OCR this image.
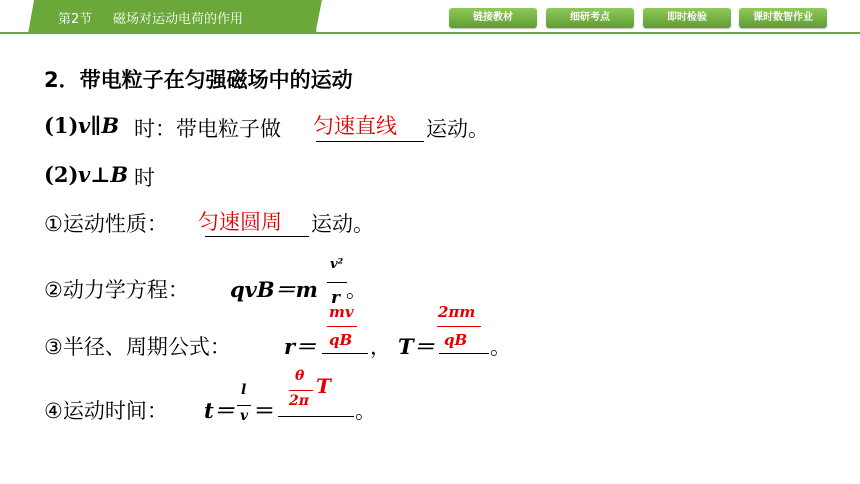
第2节 磁场对运动电荷的作用	链接教材	细研考点	即时检验	课时数智作业
2．带电粒子在匀强磁场中的运动
(1) v∥B 时：带电粒子做 匀速直线 运动。
(2) v⊥B 时
①运动性质： 匀速圆周 运动。
②动力学方程： qvB＝m
v²
r 。
③半径、周期公式：	r＝
mv
qB ， T＝
2πm
qB 。
④运动时间： t＝
l
v ＝
θ
2π
T
。
